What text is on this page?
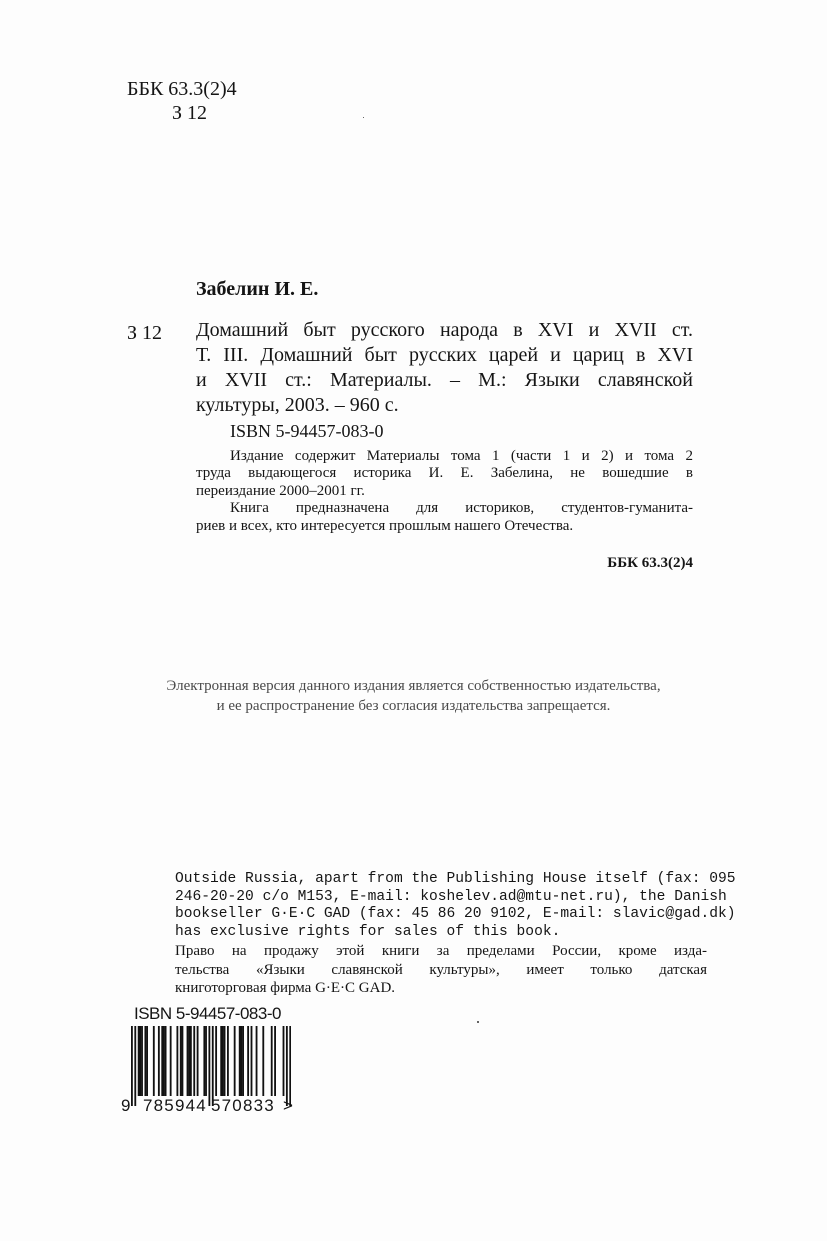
ББК 63.3(2)4
З 12
Забелин И. Е.
З 12 Домашний быт русского народа в XVI и XVII ст.
Т. III. Домашний быт русских царей и цариц в XVI
и XVII ст.: Материалы. – М.: Языки славянской
культуры, 2003. – 960 с.
ISBN 5-94457-083-0
Издание содержит Материалы тома 1 (части 1 и 2) и тома 2
труда выдающегося историка И. Е. Забелина, не вошедшие в
переиздание 2000–2001 гг.
Книга предназначена для историков, студентов-гуманита-
риев и всех, кто интересуется прошлым нашего Отечества.
ББК 63.3(2)4
Электронная версия данного издания является собственностью издательства,
и ее распространение без согласия издательства запрещается.
Outside Russia, apart from the Publishing House itself (fax: 095
246-20-20 c/o M153, E-mail: koshelev.ad@mtu-net.ru), the Danish
bookseller G·E·C GAD (fax: 45 86 20 9102, E-mail: slavic@gad.dk)
has exclusive rights for sales of this book.
Право на продажу этой книги за пределами России, кроме изда-
тельства «Языки славянской культуры», имеет только датская
книготорговая фирма G·E·C GAD.
ISBN 5-94457-083-0
9 785944 570833 >
